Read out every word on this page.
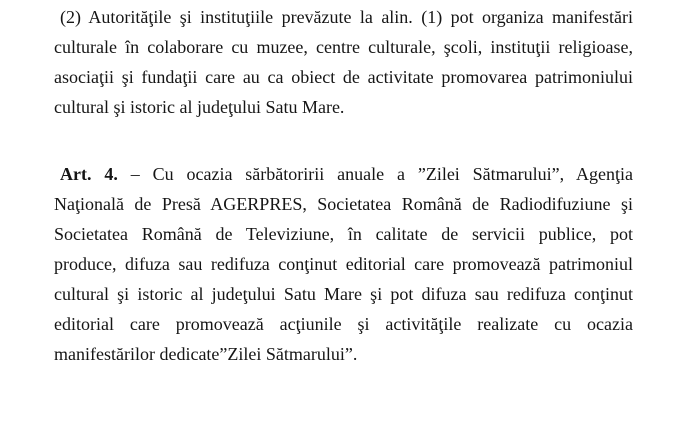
(2) Autorităţile şi instituţiile prevăzute la alin. (1) pot organiza manifestări
culturale în colaborare cu muzee, centre culturale, şcoli, instituţii religioase,
asociaţii şi fundaţii care au ca obiect de activitate promovarea patrimoniului
cultural şi istoric al judeţului Satu Mare.

Art. 4. – Cu ocazia sărbătoririi anuale a ”Zilei Sătmarului”, Agenţia
Naţională de Presă AGERPRES, Societatea Română de Radiodifuziune şi
Societatea Română de Televiziune, în calitate de servicii publice, pot
produce, difuza sau redifuza conţinut editorial care promovează patrimoniul
cultural şi istoric al judeţului Satu Mare şi pot difuza sau redifuza conţinut
editorial care promovează acţiunile şi activităţile realizate cu ocazia
manifestărilor dedicate”Zilei Sătmarului”.
